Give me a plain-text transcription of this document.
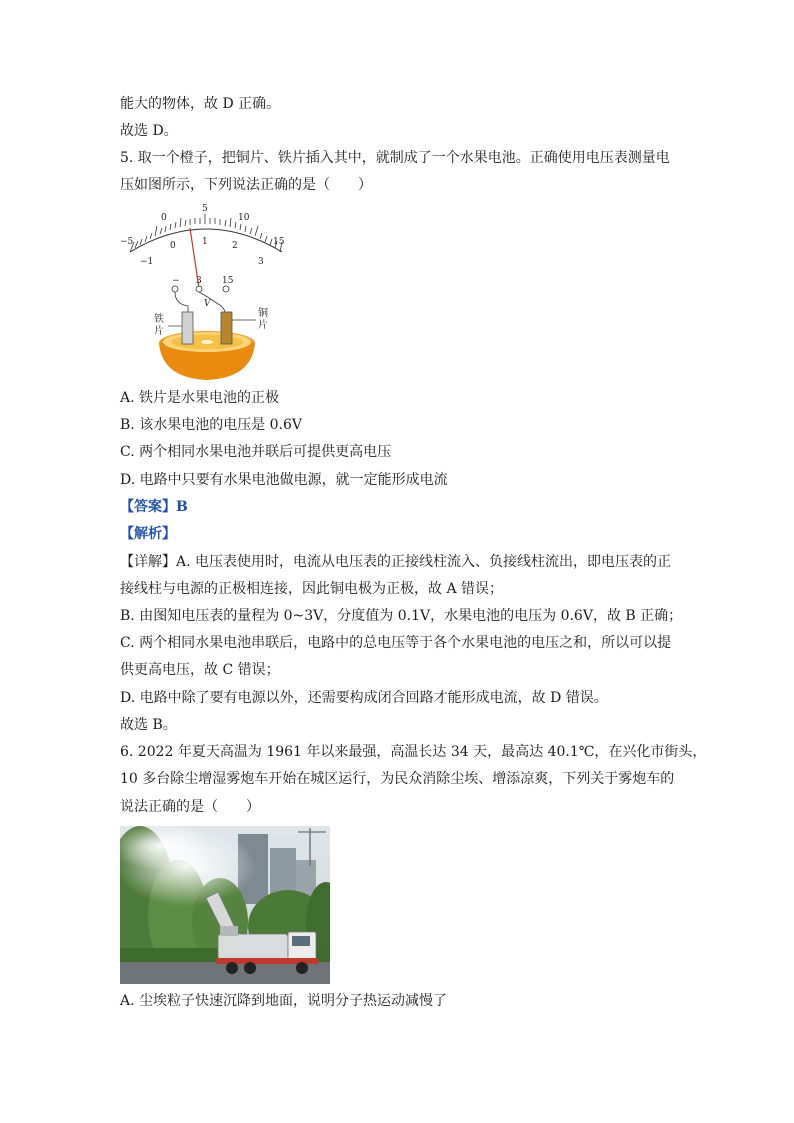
能大的物体，故 D 正确。
故选 D。
5. 取一个橙子，把铜片、铁片插入其中，就制成了一个水果电池。正确使用电压表测量电
压如图所示，下列说法正确的是（　　）
−5
0
5
10
15
−1
0	1	2
3
− 3 15
V
铁 片
铜 片
A. 铁片是水果电池的正极
B. 该水果电池的电压是 0.6V
C. 两个相同水果电池并联后可提供更高电压
D. 电路中只要有水果电池做电源，就一定能形成电流
【答案】B
【解析】
【详解】A. 电压表使用时，电流从电压表的正接线柱流入、负接线柱流出，即电压表的正
接线柱与电源的正极相连接，因此铜电极为正极，故 A 错误；
B. 由图知电压表的量程为 0~3V，分度值为 0.1V，水果电池的电压为 0.6V，故 B 正确；
C. 两个相同水果电池串联后，电路中的总电压等于各个水果电池的电压之和，所以可以提
供更高电压，故 C 错误；
D. 电路中除了要有电源以外，还需要构成闭合回路才能形成电流，故 D 错误。
故选 B。
6. 2022 年夏天高温为 1961 年以来最强，高温长达 34 天，最高达 40.1℃，在兴化市街头，
10 多台除尘增湿雾炮车开始在城区运行，为民众消除尘埃、增添凉爽，下列关于雾炮车的
说法正确的是（　　）
A. 尘埃粒子快速沉降到地面，说明分子热运动减慢了
